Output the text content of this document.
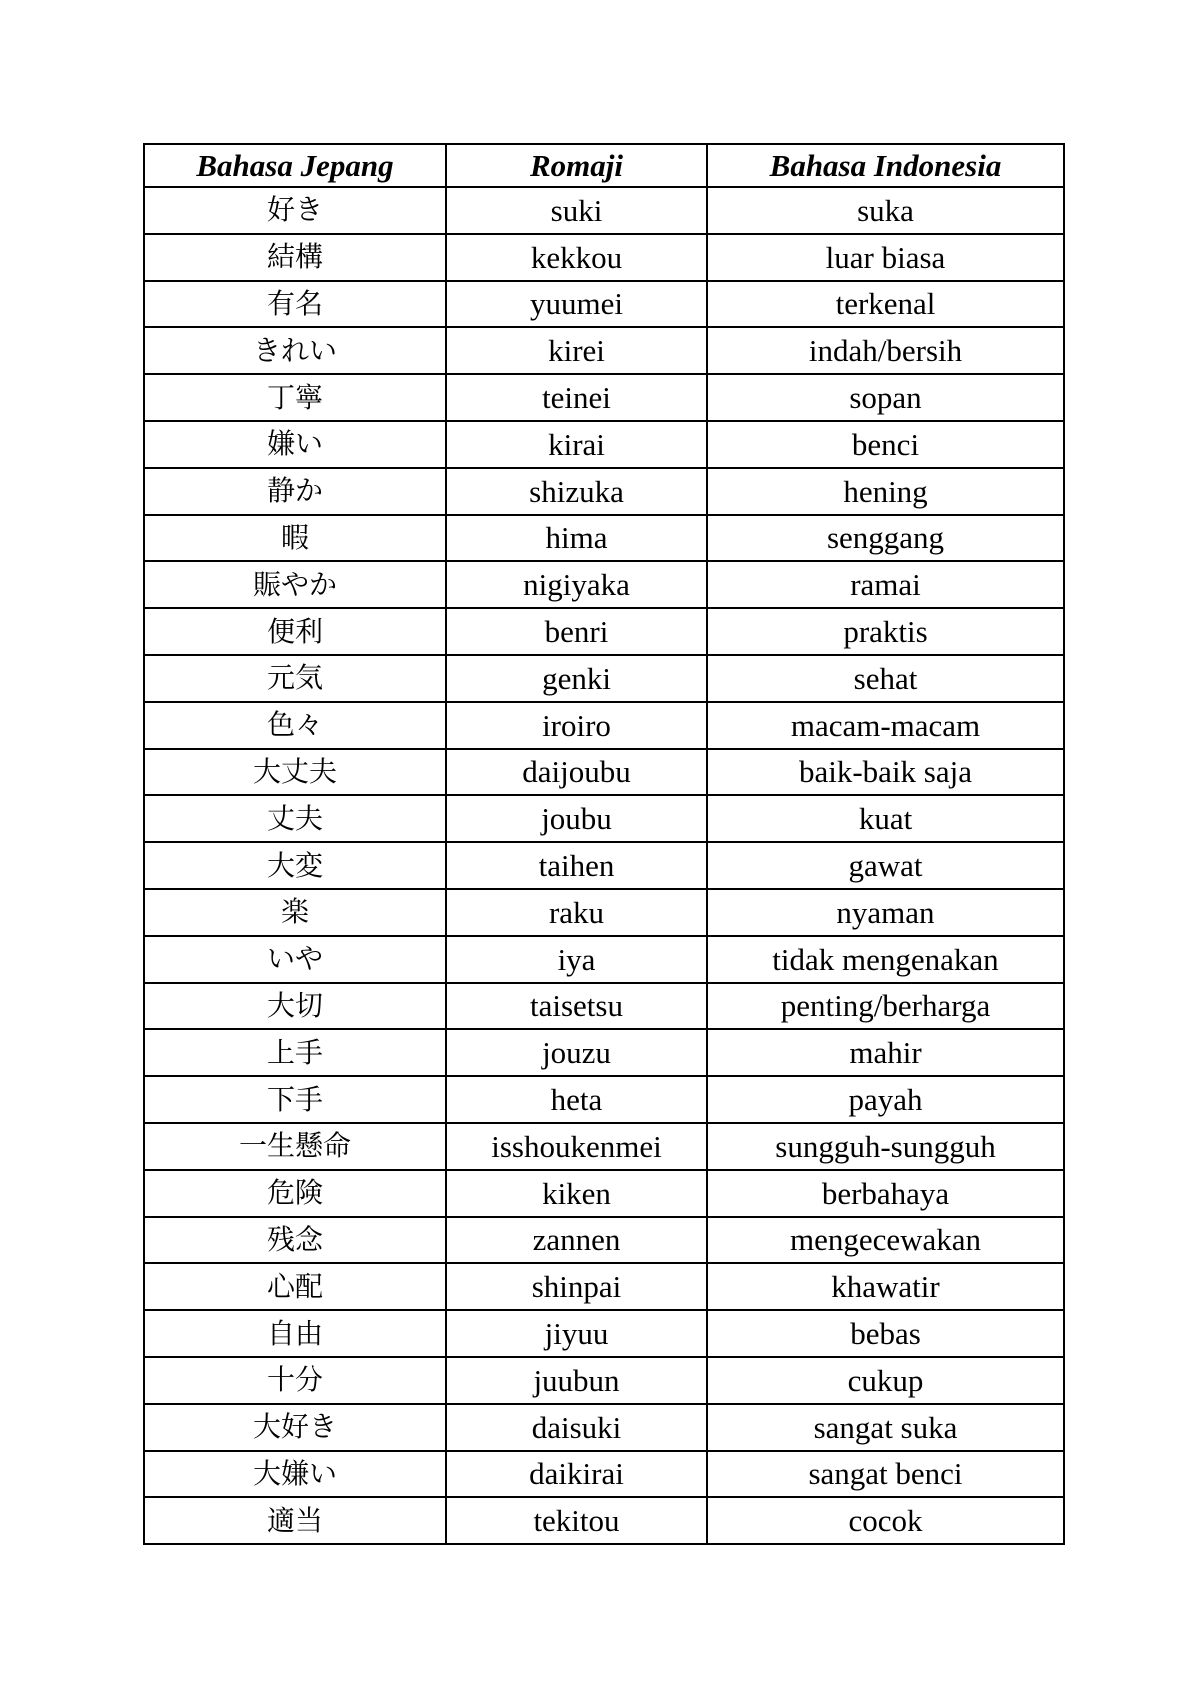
Bahasa Jepang	Romaji	Bahasa Indonesia
好き	suki	suka
結構	kekkou	luar biasa
有名	yuumei	terkenal
きれい	kirei	indah/bersih
丁寧	teinei	sopan
嫌い	kirai	benci
静か	shizuka	hening
暇	hima	senggang
賑やか	nigiyaka	ramai
便利	benri	praktis
元気	genki	sehat
色々	iroiro	macam-macam
大丈夫	daijoubu	baik-baik saja
丈夫	joubu	kuat
大変	taihen	gawat
楽	raku	nyaman
いや	iya	tidak mengenakan
大切	taisetsu	penting/berharga
上手	jouzu	mahir
下手	heta	payah
一生懸命	isshoukenmei	sungguh-sungguh
危険	kiken	berbahaya
残念	zannen	mengecewakan
心配	shinpai	khawatir
自由	jiyuu	bebas
十分	juubun	cukup
大好き	daisuki	sangat suka
大嫌い	daikirai	sangat benci
適当	tekitou	cocok
